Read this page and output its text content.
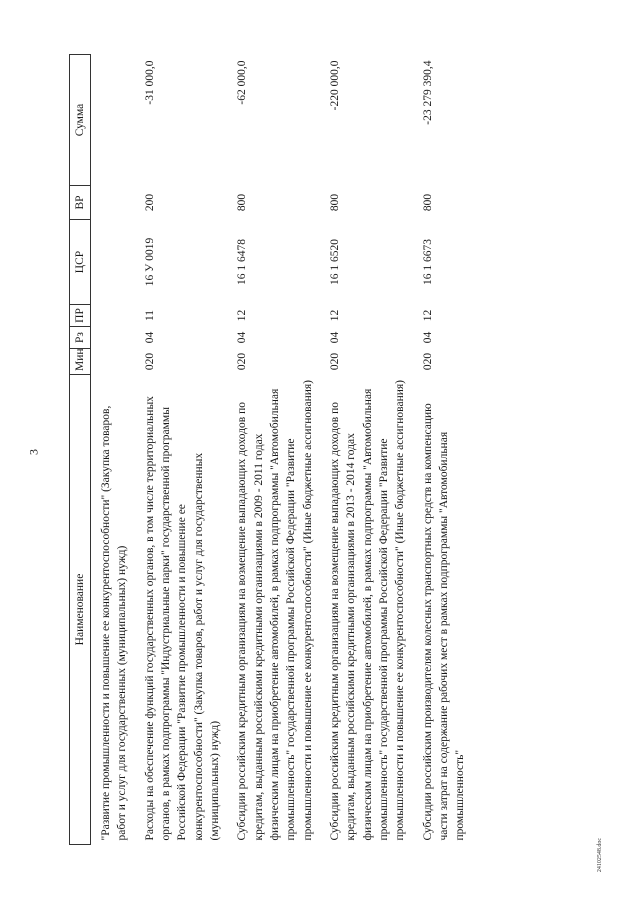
3
Наименование	Мин	Рз	ПР	ЦСР	ВР	Сумма

"Развитие промышленности и повышение ее конкурентоспособности" (Закупка товаров, работ и услуг для государственных (муниципальных) нужд)						
Расходы на обеспечение функций государственных органов, в том числе территориальных органов, в рамках подпрограммы "Индустриальные парки" государственной программы Российской Федерации "Развитие промышленности и повышение ее конкурентоспособности" (Закупка товаров, работ и услуг для государственных (муниципальных) нужд)	020	04	11	16 У 0019	200	-31 000,0
Субсидии российским кредитным организациям на возмещение выпадающих доходов по кредитам, выданным российскими кредитными организациями в 2009 - 2011 годах физическим лицам на приобретение автомобилей, в рамках подпрограммы "Автомобильная промышленность" государственной программы Российской Федерации "Развитие промышленности и повышение ее конкурентоспособности" (Иные бюджетные ассигнования)	020	04	12	16 1 6478	800	-62 000,0
Субсидии российским кредитным организациям на возмещение выпадающих доходов по кредитам, выданным российскими кредитными организациями в 2013 - 2014 годах физическим лицам на приобретение автомобилей, в рамках подпрограммы "Автомобильная промышленность" государственной программы Российской Федерации "Развитие промышленности и повышение ее конкурентоспособности" (Иные бюджетные ассигнования)	020	04	12	16 1 6520	800	-220 000,0
Субсидии российским производителям колесных транспортных средств на компенсацию части затрат на содержание рабочих мест в рамках подпрограммы "Автомобильная промышленность"	020	04	12	16 1 6673	800	-23 279 390,4
24102548.doc
